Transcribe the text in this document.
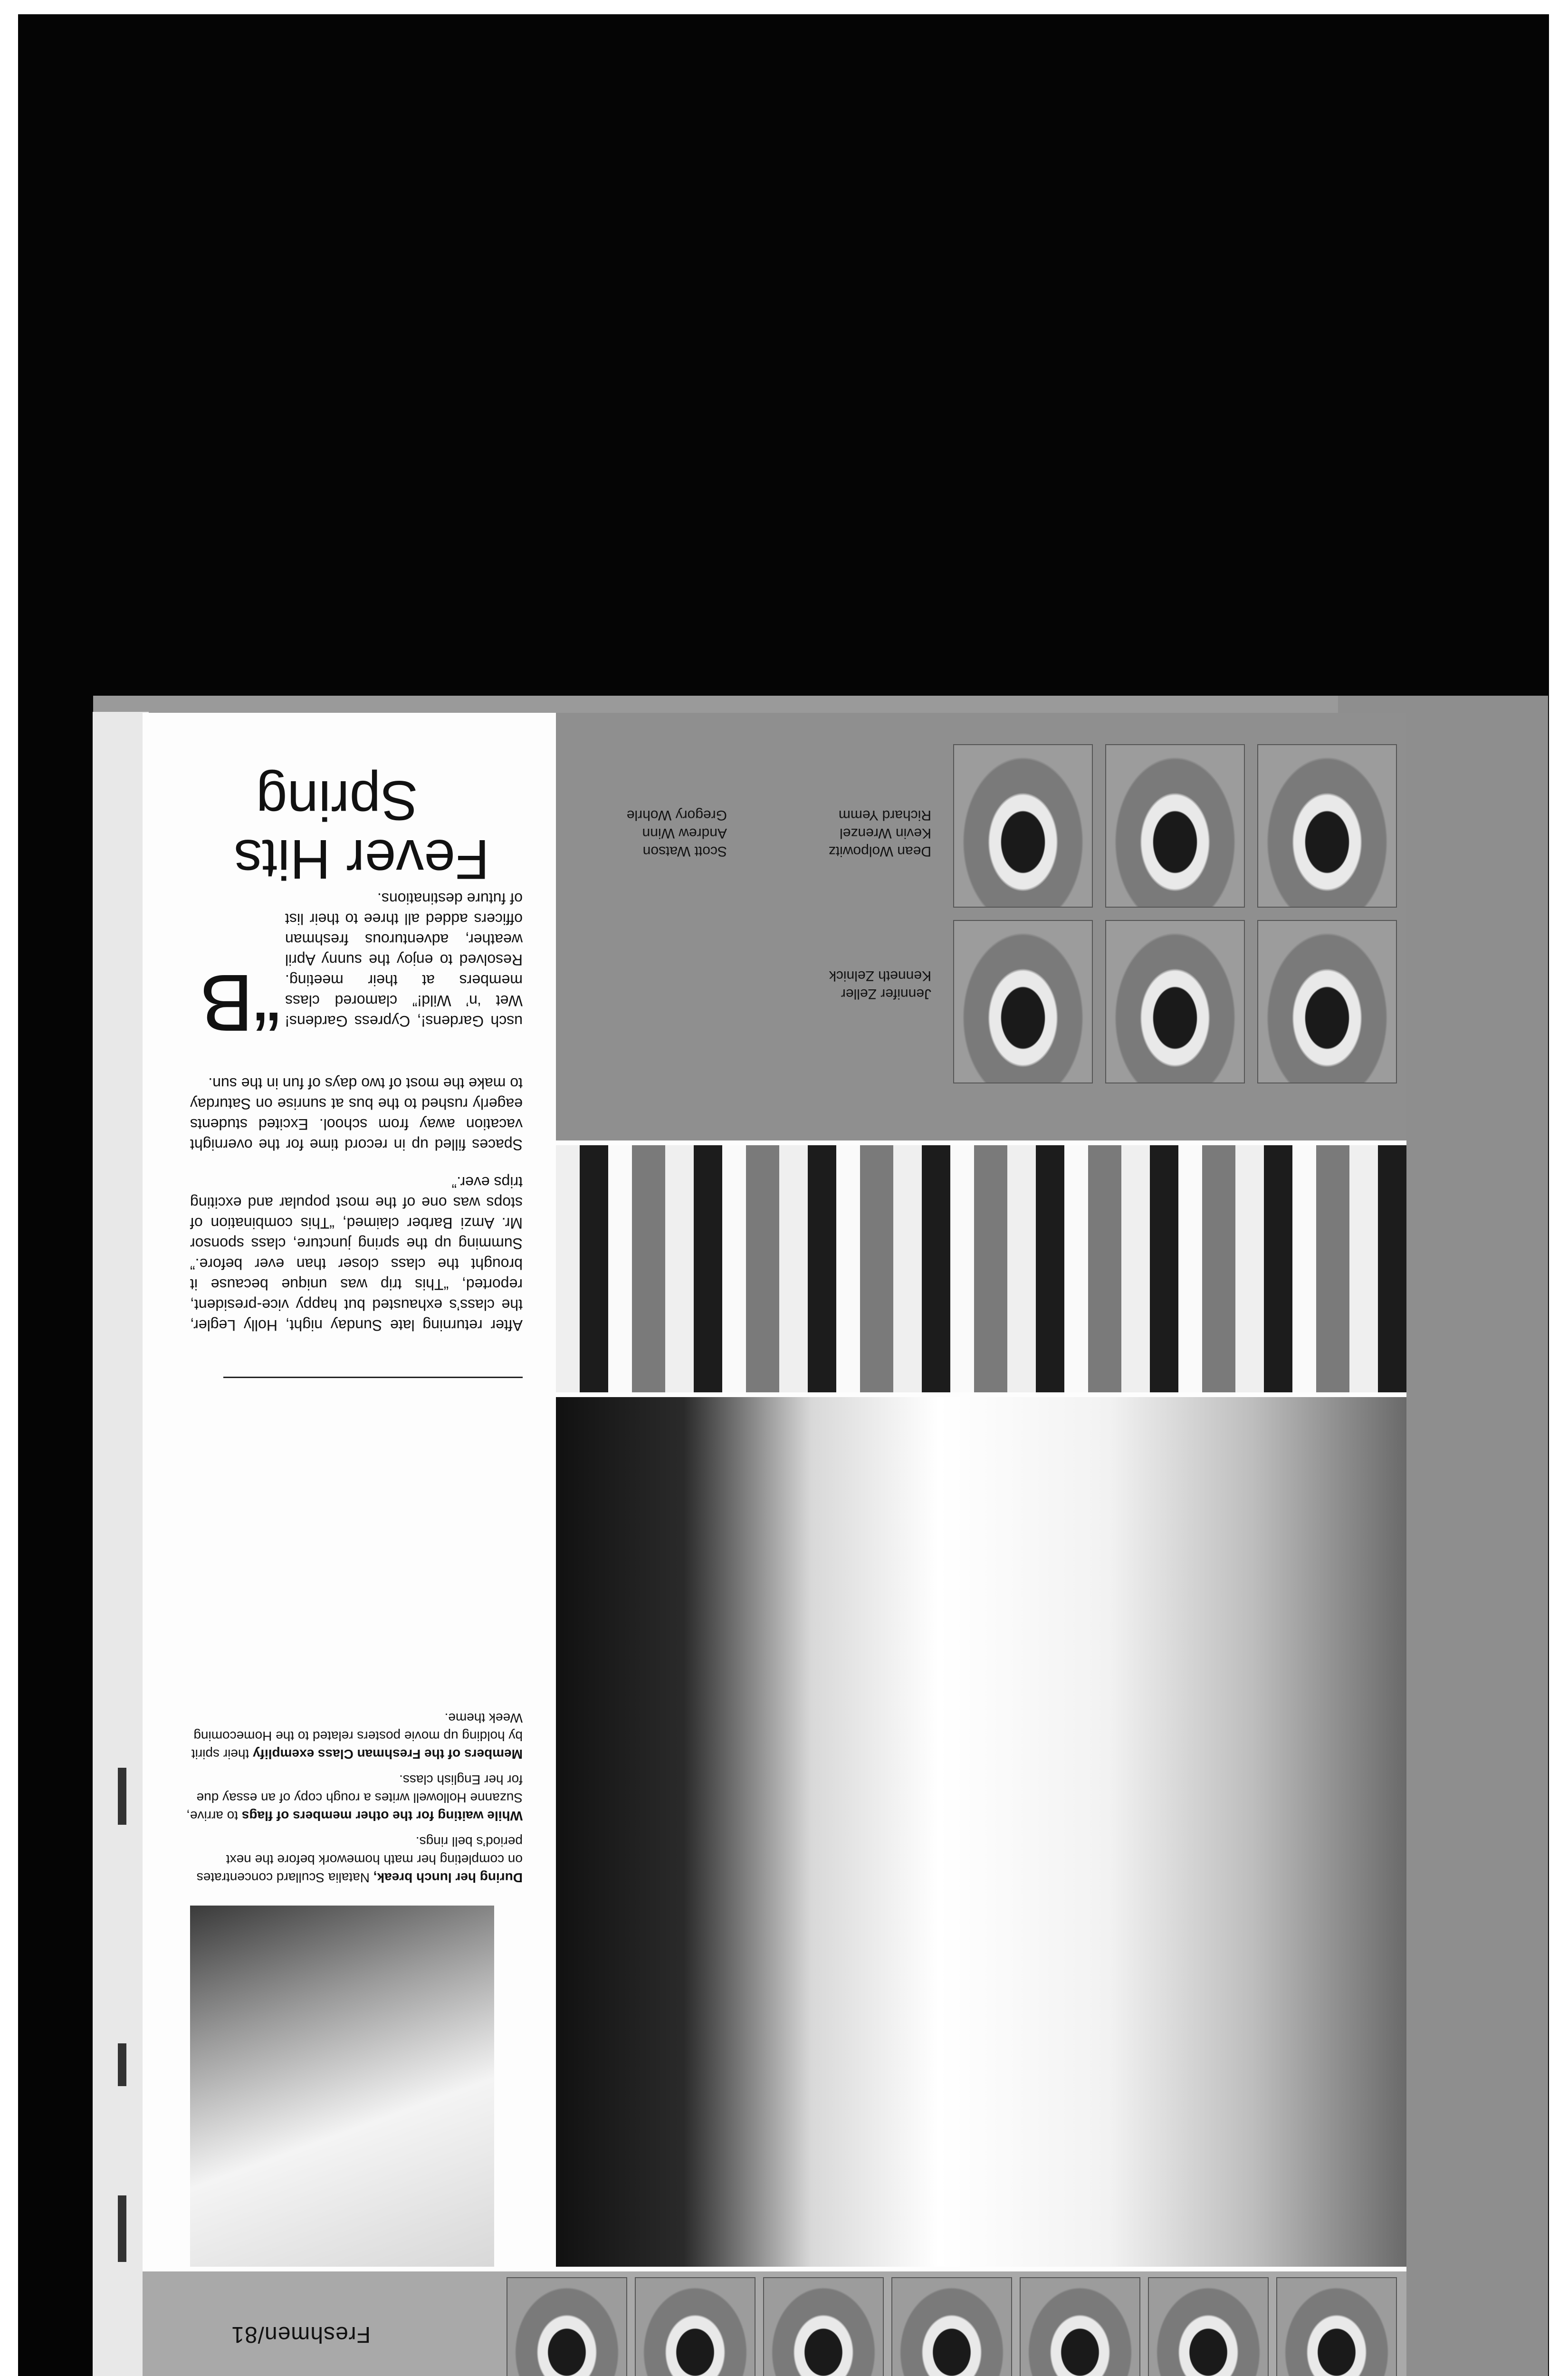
Freshmen/81
During her lunch break, Natalia Scullard concentrates on completing her math homework before the next period’s bell rings.
While waiting for the other members of flags to arrive, Suzanne Hollowell writes a rough copy of an essay due for her English class.
Members of the Freshman Class exemplify their spirit by holding up movie posters related to the Homecoming Week theme.
After returning late Sunday night, Holly Legler, the class’s exhausted but happy vice-president, reported, “This trip was unique because it brought the class closer than ever before.” Summing up the spring juncture, class sponsor Mr. Amzi Barber claimed, “This combination of stops was one of the most popular and exciting trips ever.”
Spaces filled up in record time for the overnight vacation away from school. Excited students eagerly rushed to the bus at sunrise on Saturday to make the most of two days of fun in the sun.
“B usch Gardens!, Cypress Gardens! Wet ‘n’ Wild!” clamored class members at their meeting. Resolved to enjoy the sunny April weather, adventurous freshman officers added all three to their list of future destinations.
Fever Hits
Spring
Jennifer Zeller
Kenneth Zelnick
Dean Wolpowitz
Kevin Wrenzel
Richard Yemm
Scott Watson
Andrew Winn
Gregory Wohrle
